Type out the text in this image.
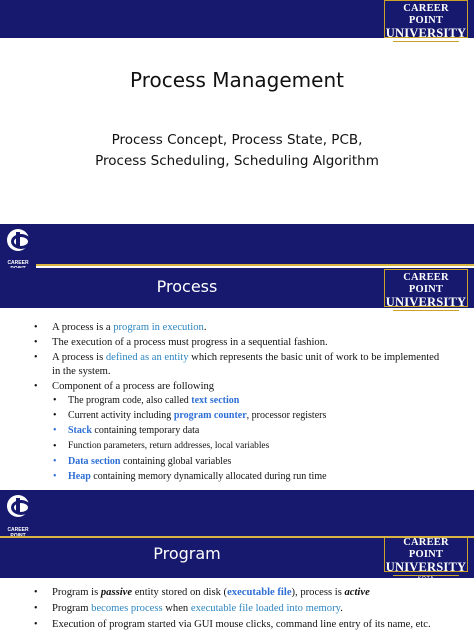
CAREER POINT
UNIVERSITY
KOTA
Process Management
Process Concept, Process State, PCB,
Process Scheduling, Scheduling Algorithm
CAREER
Process	CAREER POINT
UNIVERSITY
KOTA
• A process is a program in execution.
• The execution of a process must progress in a sequential fashion.
• A process is defined as an entity which represents the basic unit of work to be implemented in the system.
• Component of a process are following
• The program code, also called text section
• Current activity including program counter, processor registers
• Stack containing temporary data
• Function parameters, return addresses, local variables
• Data section containing global variables
• Heap containing memory dynamically allocated during run time
CAREER
Program
CAREER POINT
UNIVERSITY
KOTA
• Program is passive entity stored on disk (executable file), process is active
• Program becomes process when executable file loaded into memory.
• Execution of program started via GUI mouse clicks, command line entry of its name, etc.
